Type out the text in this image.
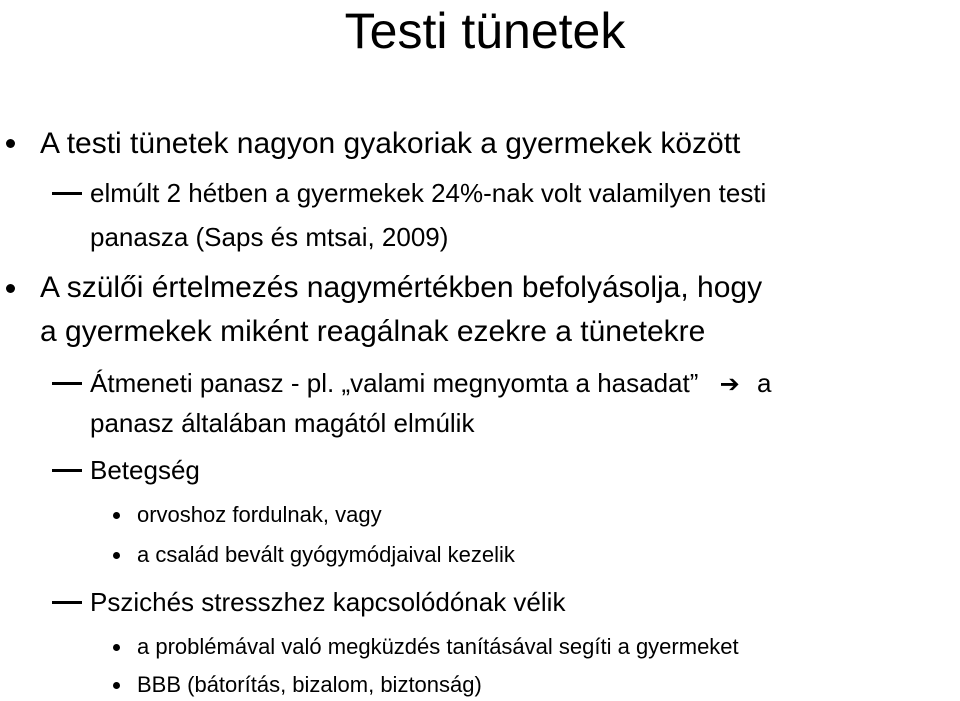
Testi tünetek
A testi tünetek nagyon gyakoriak a gyermekek között
elmúlt 2 hétben a gyermekek 24%-nak volt valamilyen testi
panasza (Saps és mtsai, 2009)
A szülői értelmezés nagymértékben befolyásolja, hogy
a gyermekek miként reagálnak ezekre a tünetekre
Átmeneti panasz - pl. „valami megnyomta a hasadat” ➔ a
panasz általában magától elmúlik
Betegség
orvoshoz fordulnak, vagy
a család bevált gyógymódjaival kezelik
Pszichés stresszhez kapcsolódónak vélik
a problémával való megküzdés tanításával segíti a gyermeket
BBB (bátorítás, bizalom, biztonság)
